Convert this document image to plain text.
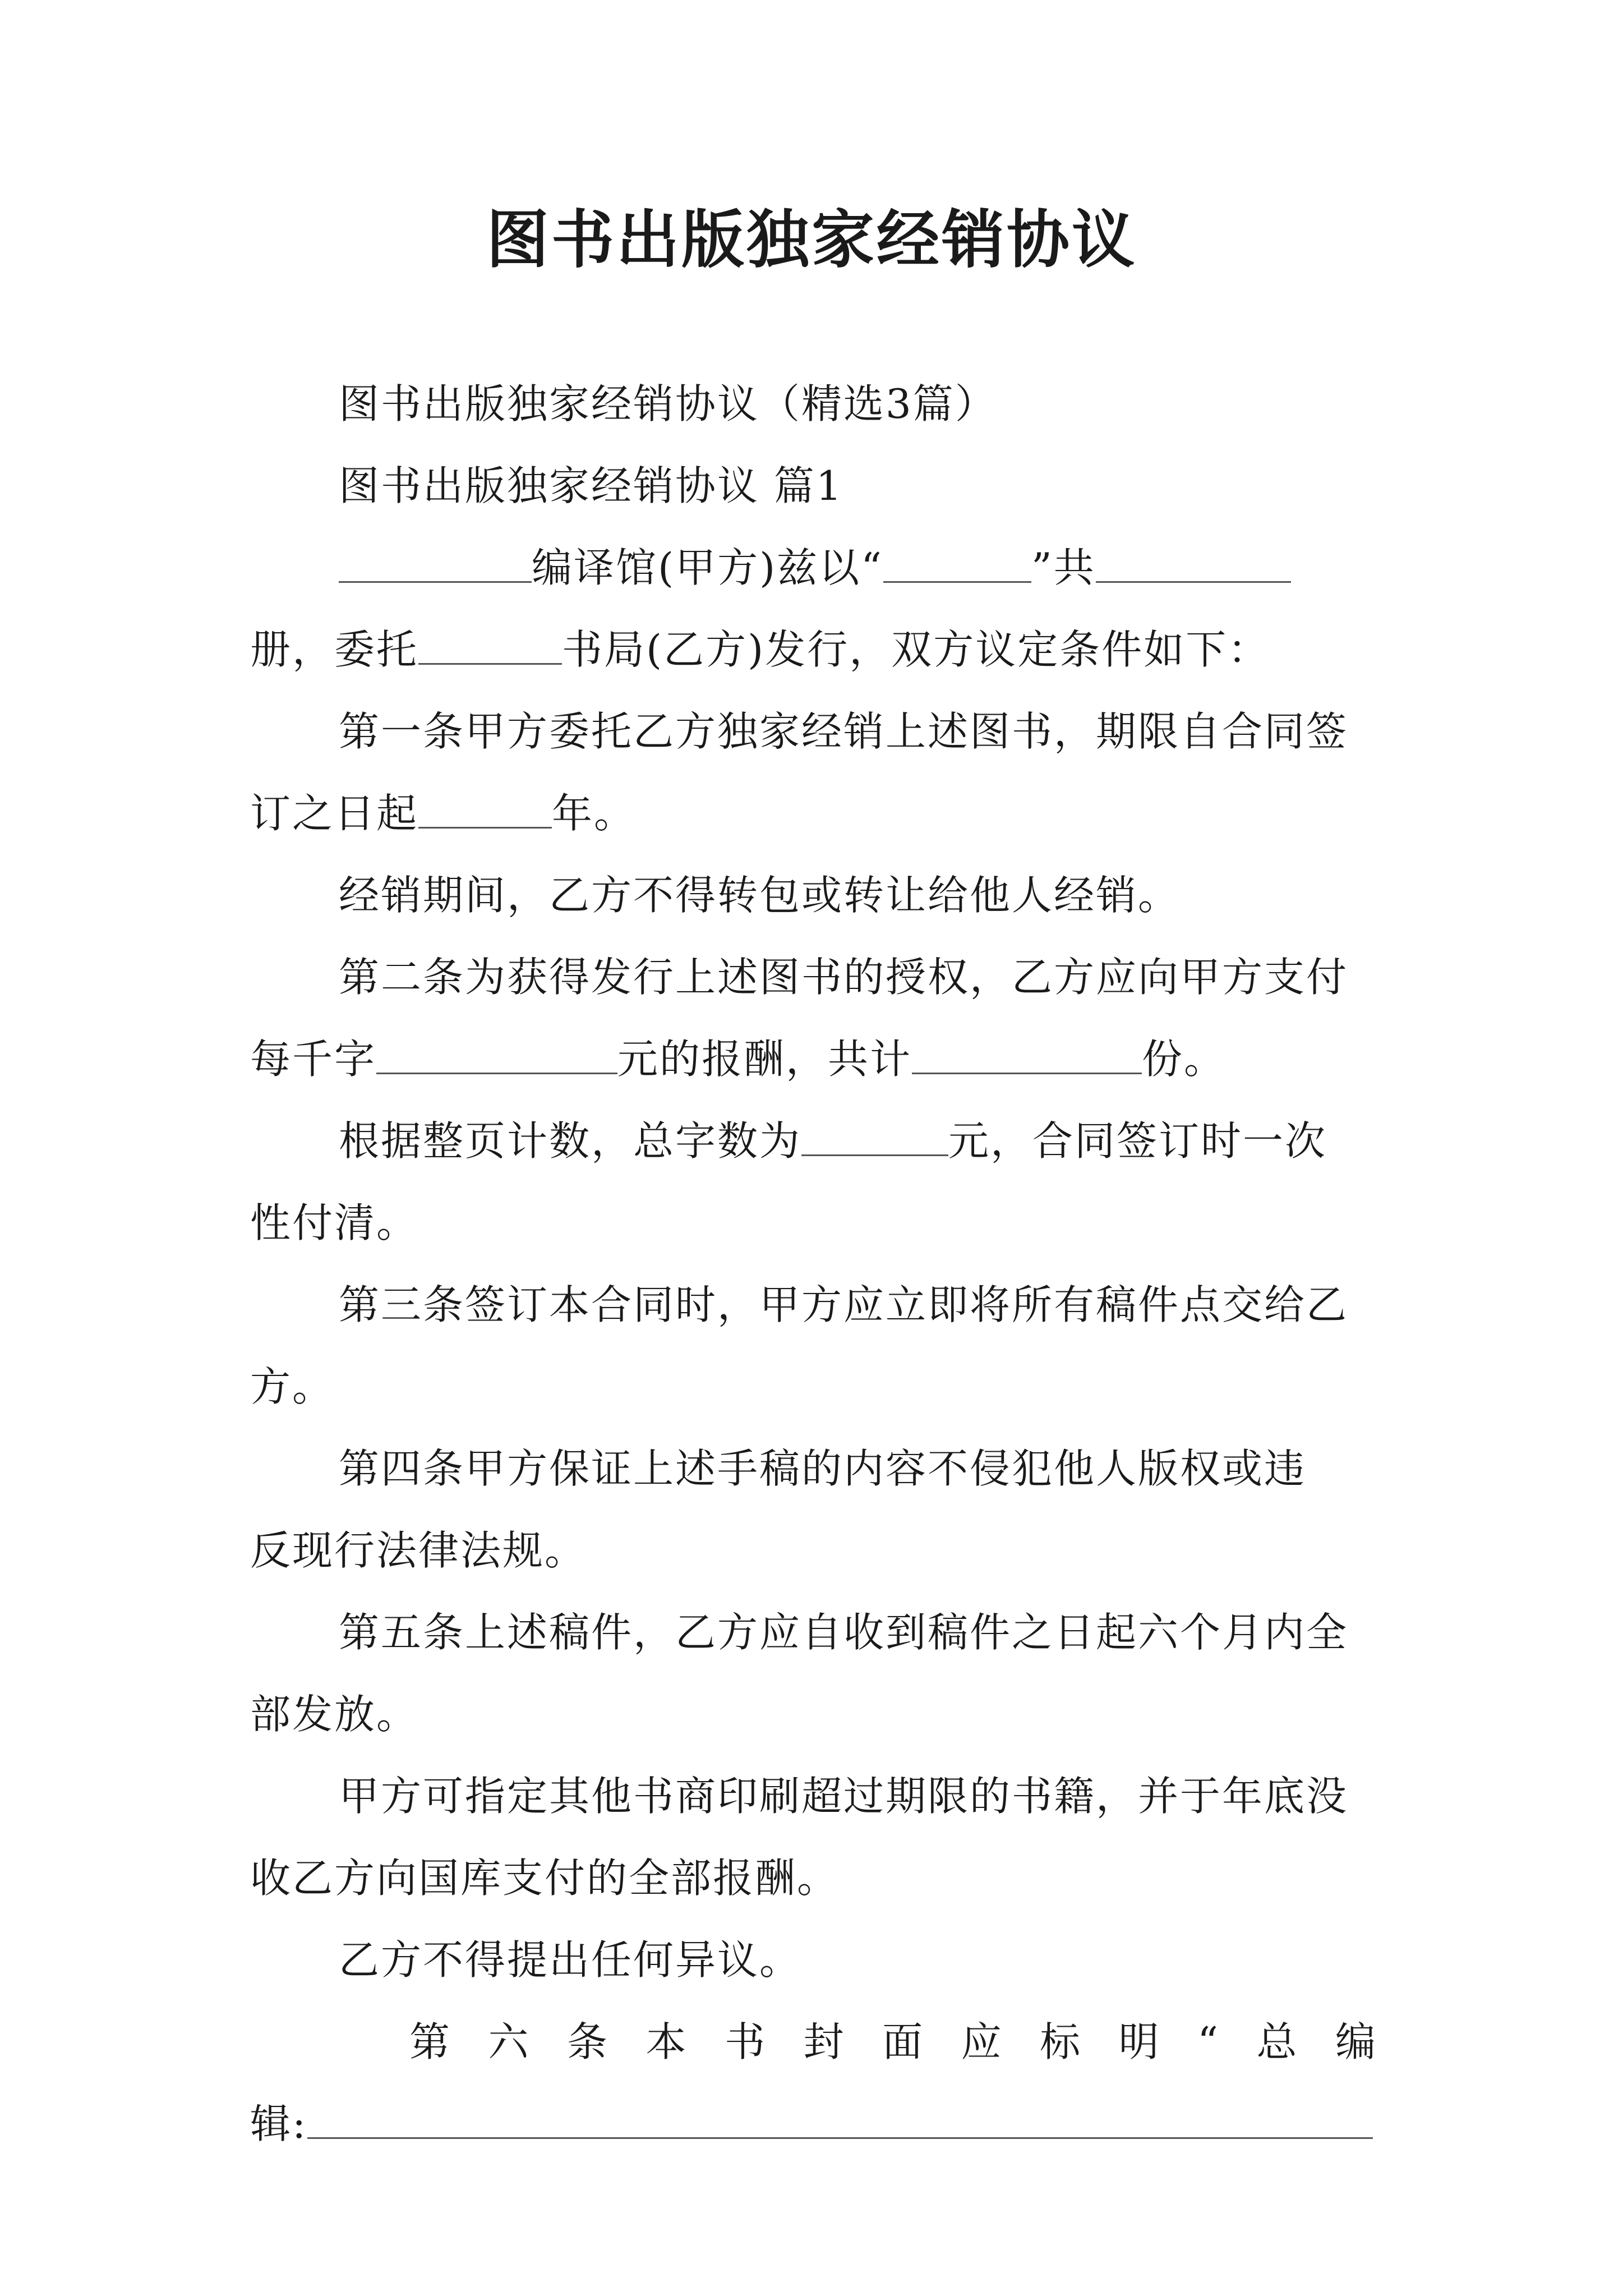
图书出版独家经销协议
图书出版独家经销协议（精选3篇）
图书出版独家经销协议 篇1
编译馆(甲方)兹以“	”共
册，委托	书局(乙方)发行，双方议定条件如下：
第一条甲方委托乙方独家经销上述图书，期限自合同签
订之日起	年。
经销期间，乙方不得转包或转让给他人经销。
第二条为获得发行上述图书的授权，乙方应向甲方支付
每千字	元的报酬，共计	份。
根据整页计数，总字数为	元，合同签订时一次
性付清。
第三条签订本合同时，甲方应立即将所有稿件点交给乙
方。
第四条甲方保证上述手稿的内容不侵犯他人版权或违
反现行法律法规。
第五条上述稿件，乙方应自收到稿件之日起六个月内全
部发放。
甲方可指定其他书商印刷超过期限的书籍，并于年底没
收乙方向国库支付的全部报酬。
乙方不得提出任何异议。
第 六 条 本 书 封 面 应 标 明 “ 总 编
辑:
